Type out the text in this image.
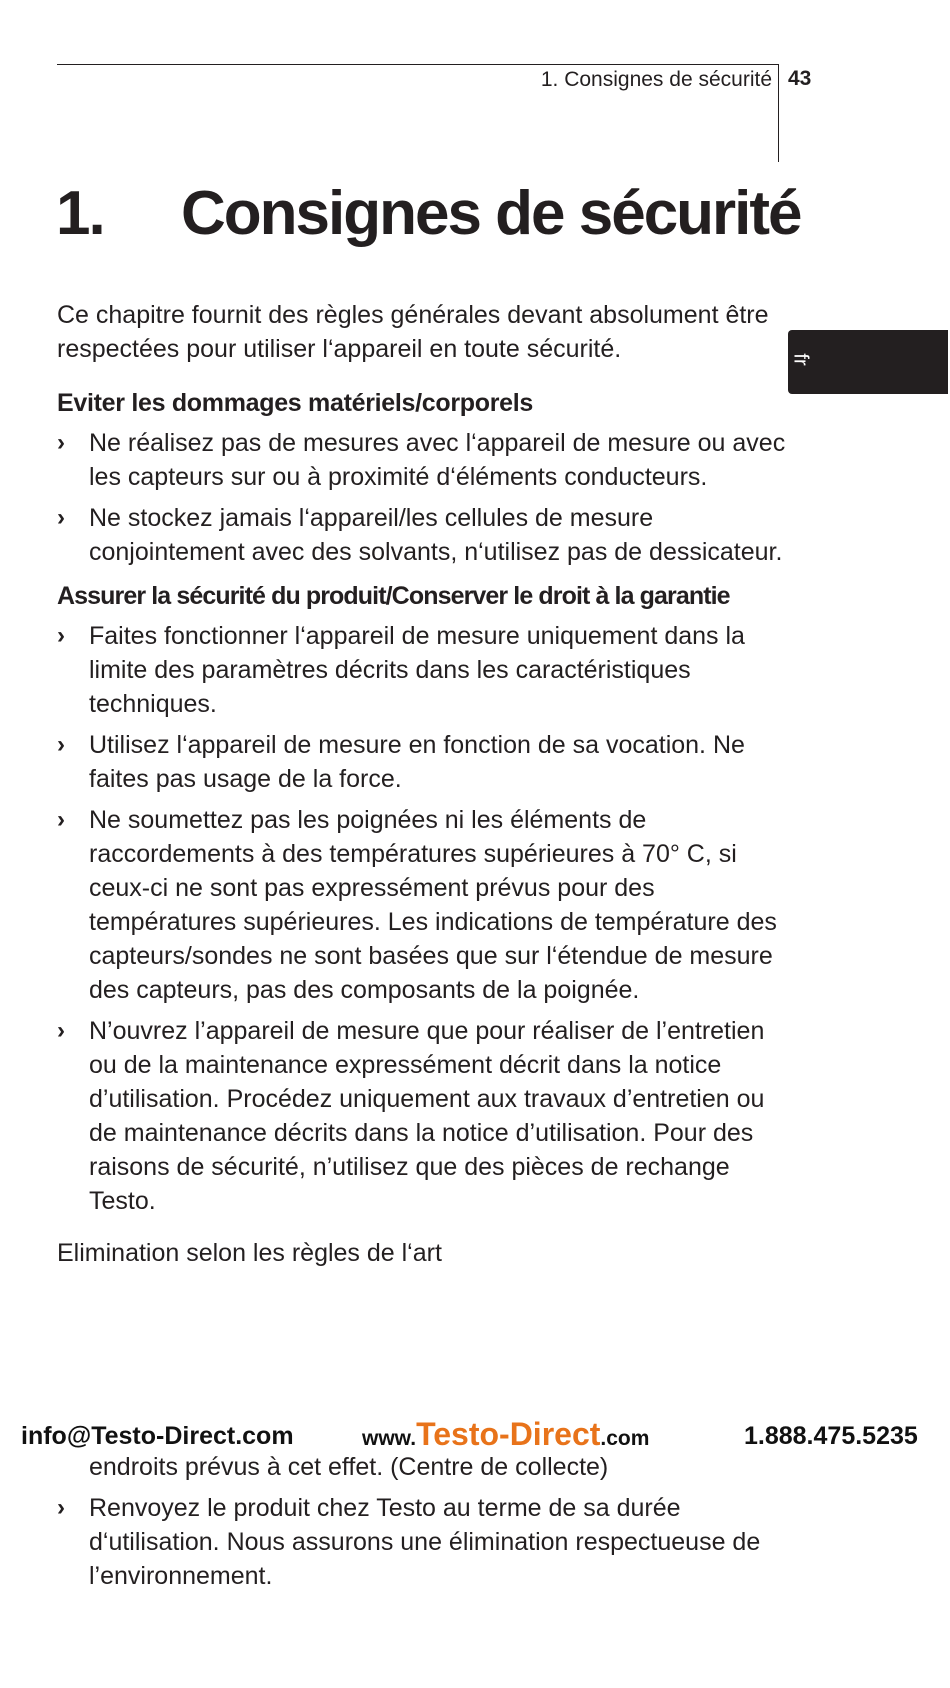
1. Consignes de sécurité 43
1. Consignes de sécurité
fr

Ce chapitre fournit des règles générales devant absolument être respectées pour utiliser l‘appareil en toute sécurité.

Eviter les dommages matériels/corporels
› Ne réalisez pas de mesures avec l‘appareil de mesure ou avec les capteurs sur ou à proximité d‘éléments conducteurs.
› Ne stockez jamais l‘appareil/les cellules de mesure conjointement avec des solvants, n‘utilisez pas de dessicateur.
Assurer la sécurité du produit/Conserver le droit à la garantie
› Faites fonctionner l‘appareil de mesure uniquement dans la limite des paramètres décrits dans les caractéristiques techniques.
› Utilisez l‘appareil de mesure en fonction de sa vocation. Ne faites pas usage de la force.
› Ne soumettez pas les poignées ni les éléments de raccordements à des températures supérieures à 70° C, si ceux-ci ne sont pas expressément prévus pour des températures supérieures. Les indications de température des capteurs/sondes ne sont basées que sur l‘étendue de mesure des capteurs, pas des composants de la poignée.
› N’ouvrez l’appareil de mesure que pour réaliser de l’entretien ou de la maintenance expressément décrit dans la notice d’utilisation. Procédez uniquement aux travaux d’entretien ou de maintenance décrits dans la notice d’utilisation. Pour des raisons de sécurité, n’utilisez que des pièces de rechange Testo.

Elimination selon les règles de l‘art

info@Testo-Direct.com	www.Testo-Direct.com	1.888.475.5235

endroits prévus à cet effet. (Centre de collecte)

› Renvoyez le produit chez Testo au terme de sa durée d‘utilisation. Nous assurons une élimination respectueuse de l’environnement.
